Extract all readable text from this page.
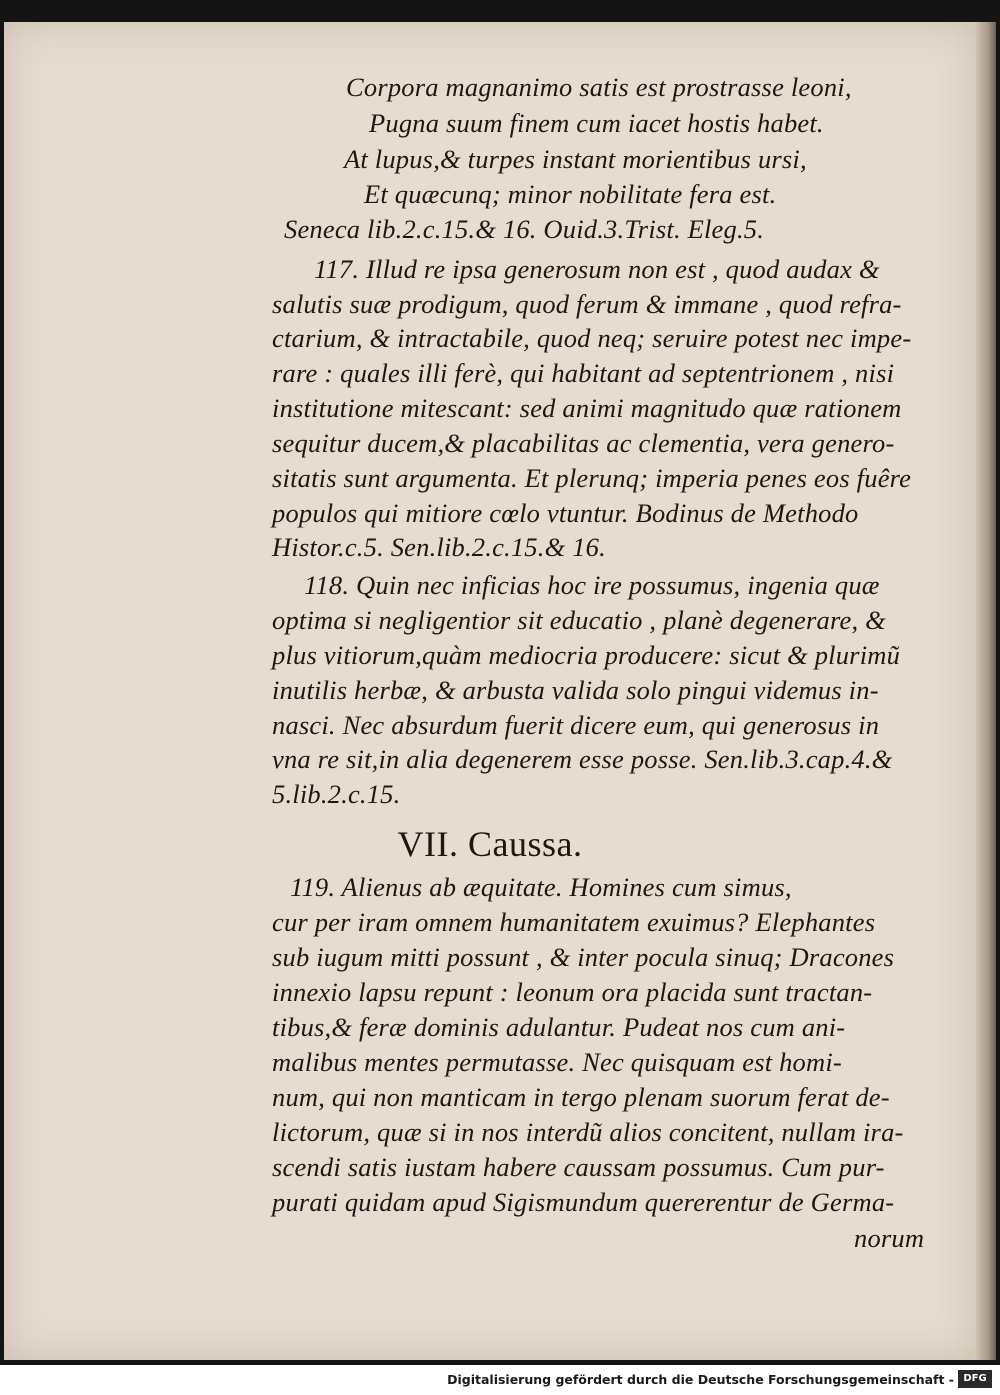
Corpora magnanimo satis est prostrasse leoni,
Pugna suum finem cum iacet hostis habet.
At lupus,& turpes instant morientibus ursi,
Et quæcunq; minor nobilitate fera est.
Seneca lib.2.c.15.& 16. Ouid.3.Trist. Eleg.5.
117. Illud re ipsa generosum non est , quod audax &
salutis suæ prodigum, quod ferum & immane , quod refra-
ctarium, & intractabile, quod neq; seruire potest nec impe-
rare : quales illi ferè, qui habitant ad septentrionem , nisi
institutione mitescant: sed animi magnitudo quæ rationem
sequitur ducem,& placabilitas ac clementia, vera genero-
sitatis sunt argumenta. Et plerunq; imperia penes eos fuêre
populos qui mitiore cœlo vtuntur. Bodinus de Methodo
Histor.c.5. Sen.lib.2.c.15.& 16.
118. Quin nec inficias hoc ire possumus, ingenia quæ
optima si negligentior sit educatio , planè degenerare, &
plus vitiorum,quàm mediocria producere: sicut & plurimũ
inutilis herbæ, & arbusta valida solo pingui videmus in-
nasci. Nec absurdum fuerit dicere eum, qui generosus in
vna re sit,in alia degenerem esse posse. Sen.lib.3.cap.4.&
5.lib.2.c.15.
VII. Caussa.
119. Alienus ab æquitate. Homines cum simus,
cur per iram omnem humanitatem exuimus? Elephantes
sub iugum mitti possunt , & inter pocula sinuq; Dracones
innexio lapsu repunt : leonum ora placida sunt tractan-
tibus,& feræ dominis adulantur. Pudeat nos cum ani-
malibus mentes permutasse. Nec quisquam est homi-
num, qui non manticam in tergo plenam suorum ferat de-
lictorum, quæ si in nos interdũ alios concitent, nullam ira-
scendi satis iustam habere caussam possumus. Cum pur-
purati quidam apud Sigismundum quererentur de Germa-
norum
Digitalisierung gefördert durch die Deutsche Forschungsgemeinschaft - DFG
